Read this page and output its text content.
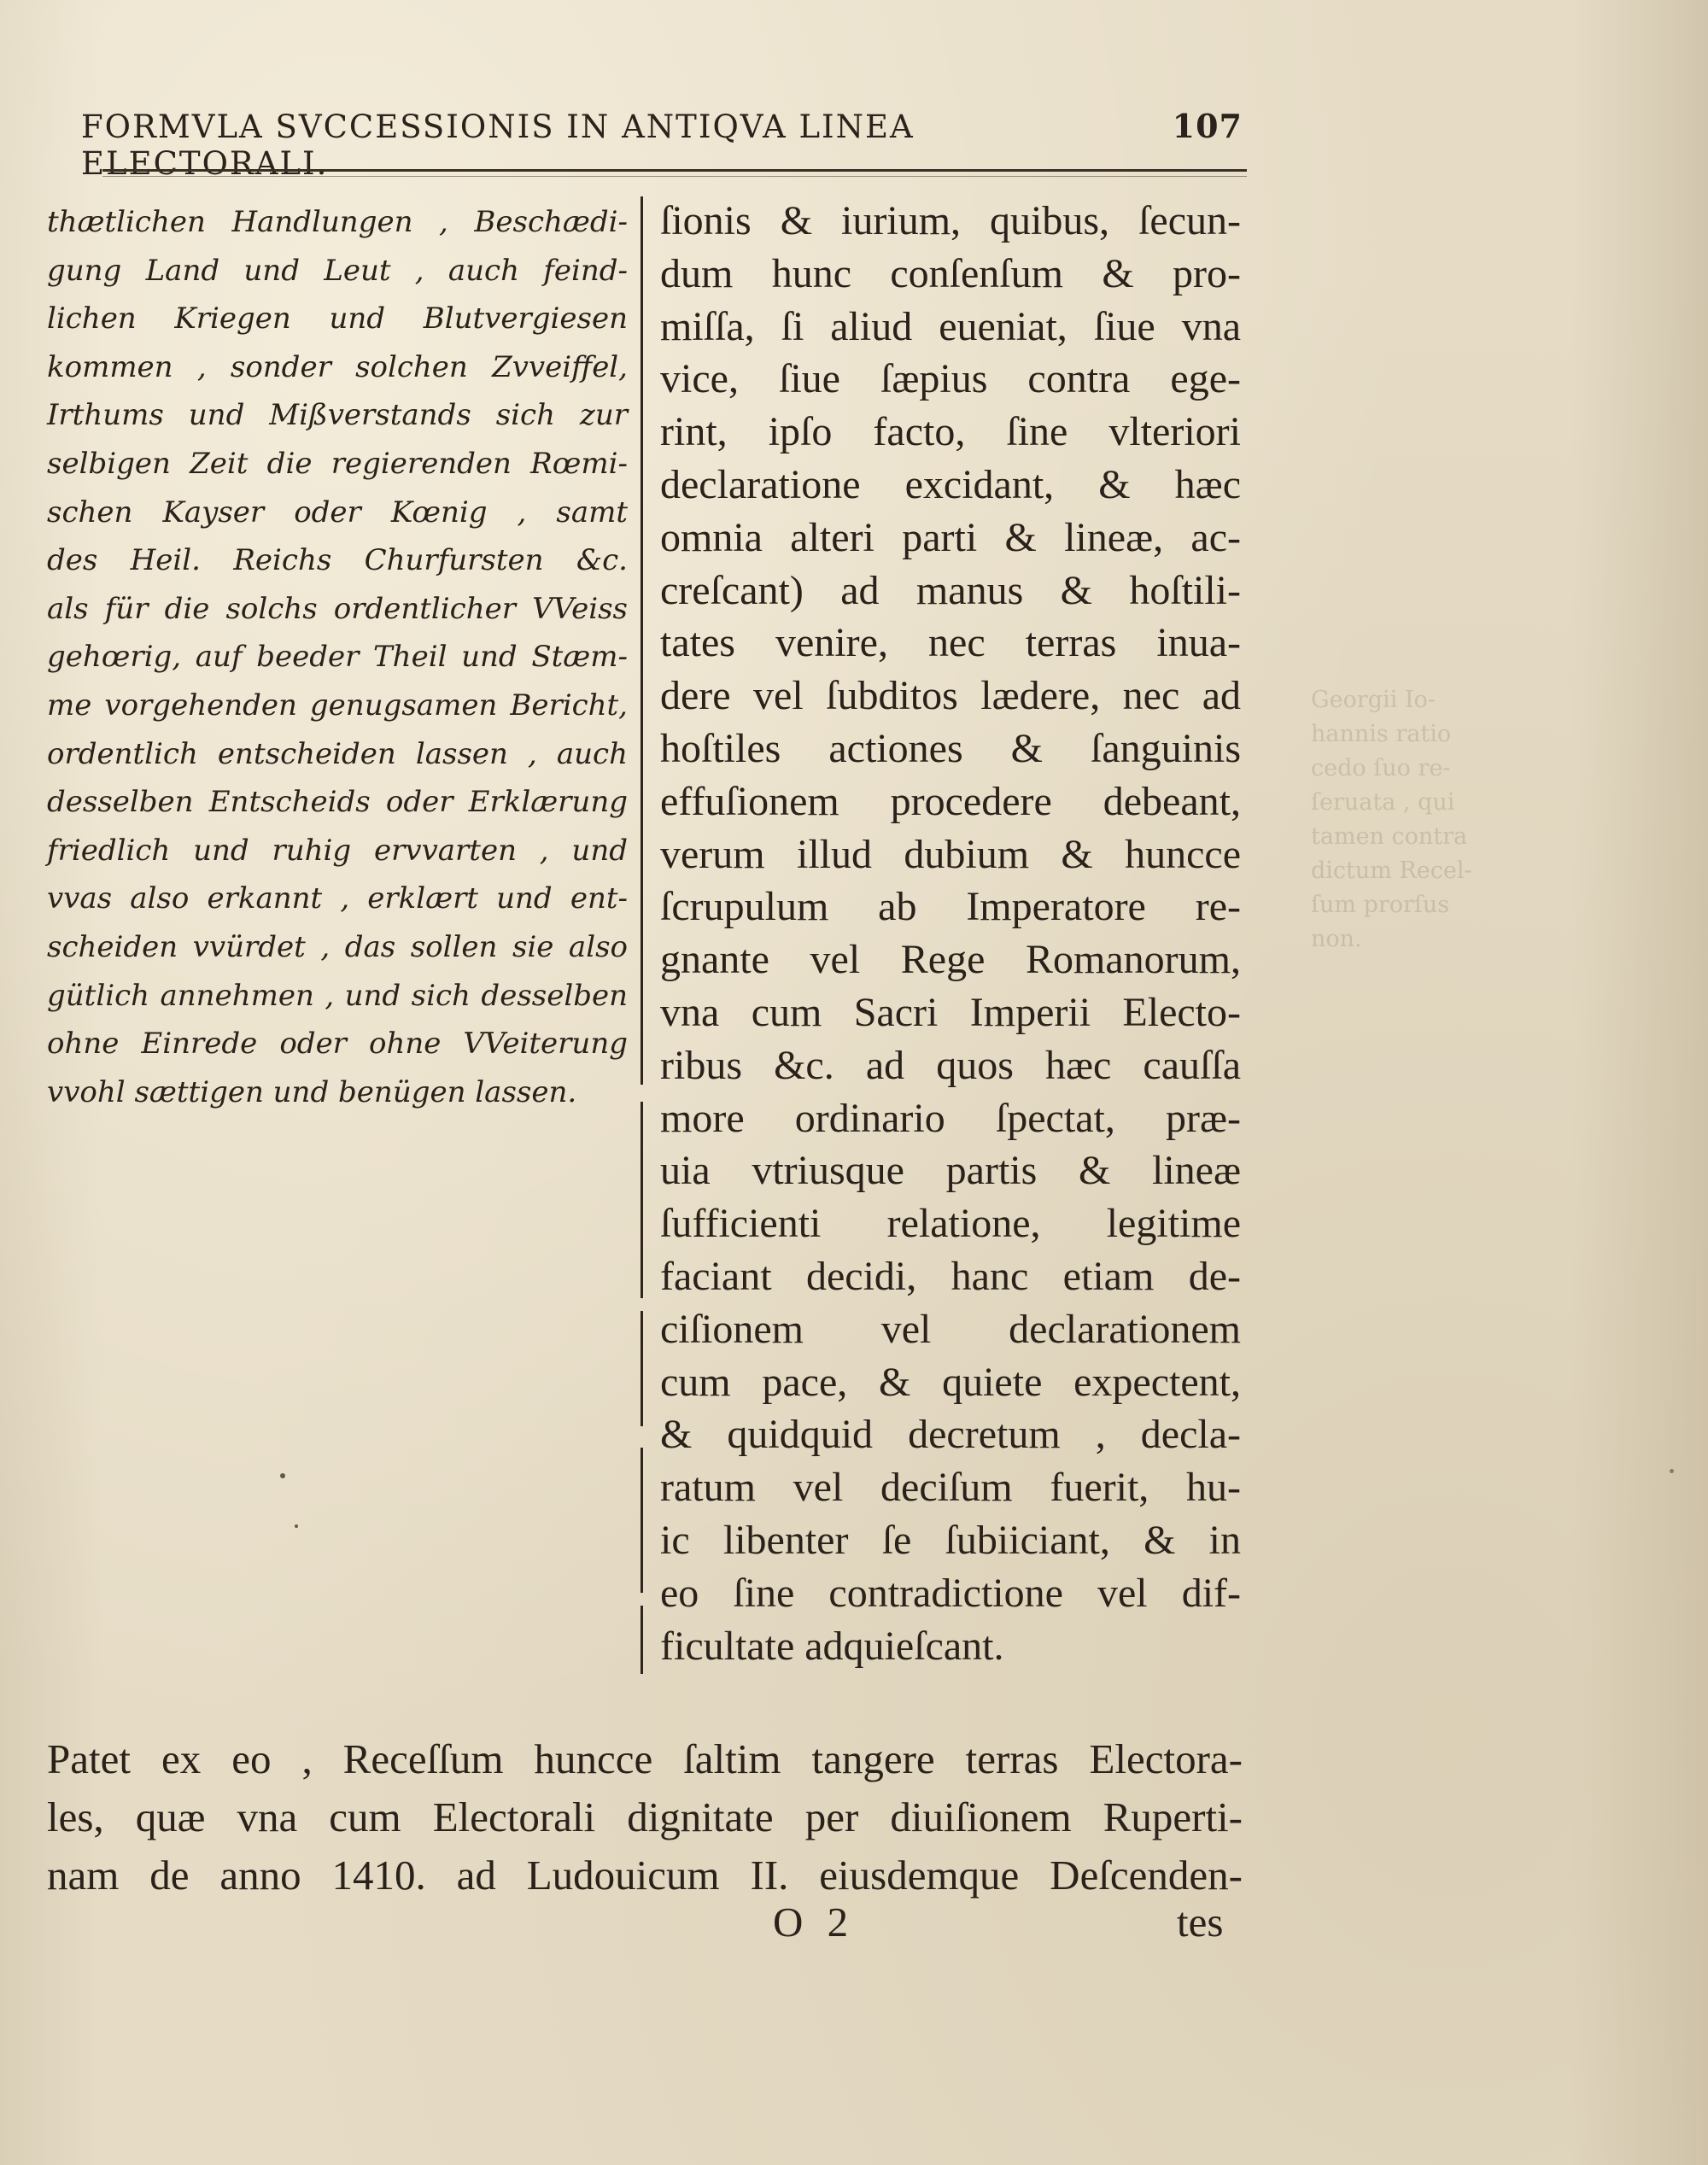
Georgii Io-
hannis ratio
cedo ſuo re-
ſeruata , qui
tamen contra
dictum Recel-
ſum prorſus
non.

FORMVLA SVCCESSIONIS IN ANTIQVA LINEA ELECTORALI.
107
thætlichen Handlungen , Beschædi-
gung Land und Leut , auch feind-
lichen Kriegen und Blutvergiesen
kommen , sonder solchen Zvveiffel,
Irthums und Mißverstands sich zur
selbigen Zeit die regierenden Rœmi-
schen Kayser oder Kœnig , samt
des Heil. Reichs Churfursten &c.
als für die solchs ordentlicher VVeiss
gehœrig, auf beeder Theil und Stæm-
me vorgehenden genugsamen Bericht,
ordentlich entscheiden lassen , auch
desselben Entscheids oder Erklærung
friedlich und ruhig ervvarten , und
vvas also erkannt , erklært und ent-
scheiden vvürdet , das sollen sie also
gütlich annehmen , und sich desselben
ohne Einrede oder ohne VVeiterung
vvohl sættigen und benügen lassen.
ſionis & iurium, quibus, ſecun-
dum hunc conſenſum & pro-
miſſa, ſi aliud eueniat, ſiue vna
vice, ſiue ſæpius contra ege-
rint, ipſo facto, ſine vlteriori
declaratione excidant, & hæc
omnia alteri parti & lineæ, ac-
creſcant) ad manus & hoſtili-
tates venire, nec terras inua-
dere vel ſubditos lædere, nec ad
hoſtiles actiones & ſanguinis
effuſionem procedere debeant,
verum illud dubium & huncce
ſcrupulum ab Imperatore re-
gnante vel Rege Romanorum,
vna cum Sacri Imperii Electo-
ribus &c. ad quos hæc cauſſa
more ordinario ſpectat, præ-
uia vtriusque partis & lineæ
ſufficienti relatione, legitime
faciant decidi, hanc etiam de-
ciſionem vel declarationem
cum pace, & quiete expectent,
& quidquid decretum , decla-
ratum vel deciſum fuerit, hu-
ic libenter ſe ſubiiciant, & in
eo ſine contradictione vel dif-
ficultate adquieſcant.
Patet ex eo , Receſſum huncce ſaltim tangere terras Electora-
les, quæ vna cum Electorali dignitate per diuiſionem Ruperti-
nam de anno 1410. ad Ludouicum II. eiusdemque Deſcenden-
O 2	tes
